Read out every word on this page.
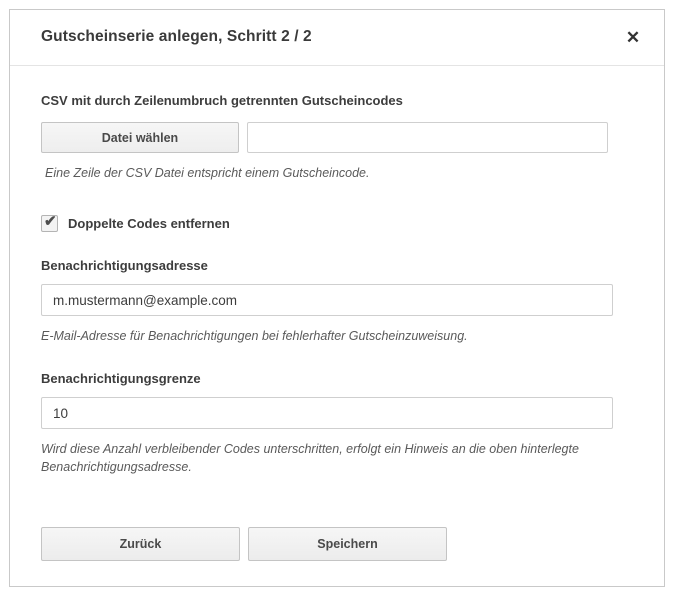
Gutscheinserie anlegen, Schritt 2 / 2	✕
CSV mit durch Zeilenumbruch getrennten Gutscheincodes
Datei wählen
Eine Zeile der CSV Datei entspricht einem Gutscheincode.
✔ Doppelte Codes entfernen
Benachrichtigungsadresse
m.mustermann@example.com
E-Mail-Adresse für Benachrichtigungen bei fehlerhafter Gutscheinzuweisung.
Benachrichtigungsgrenze
10
Wird diese Anzahl verbleibender Codes unterschritten, erfolgt ein Hinweis an die oben hinterlegte Benachrichtigungsadresse.
Zurück	Speichern
